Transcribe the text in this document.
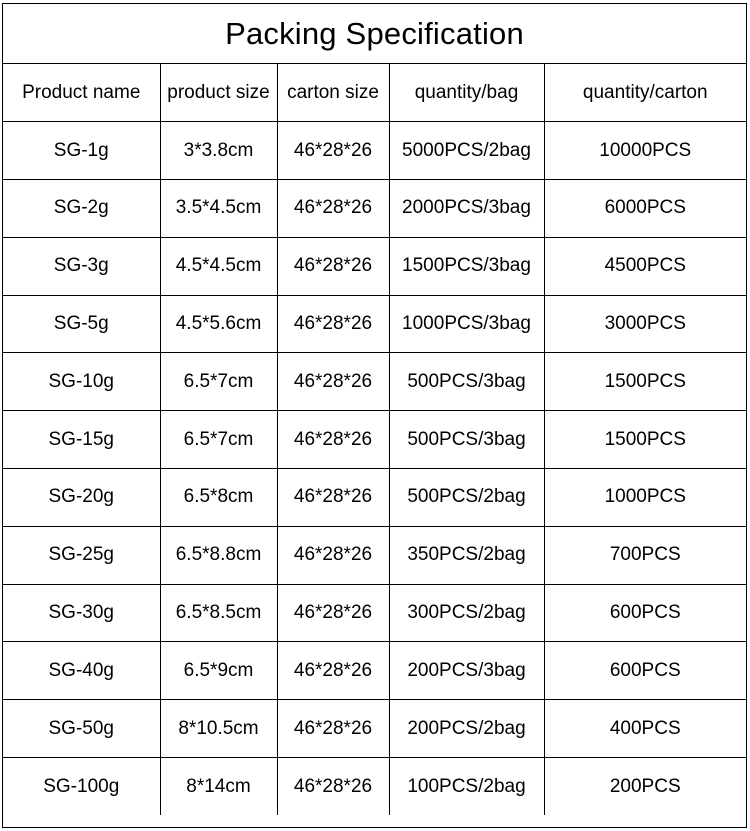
Packing Specification
Product name	product size	carton size	quantity/bag	quantity/carton
SG-1g	3*3.8cm	46*28*26	5000PCS/2bag	10000PCS
SG-2g	3.5*4.5cm	46*28*26	2000PCS/3bag	6000PCS
SG-3g	4.5*4.5cm	46*28*26	1500PCS/3bag	4500PCS
SG-5g	4.5*5.6cm	46*28*26	1000PCS/3bag	3000PCS
SG-10g	6.5*7cm	46*28*26	500PCS/3bag	1500PCS
SG-15g	6.5*7cm	46*28*26	500PCS/3bag	1500PCS
SG-20g	6.5*8cm	46*28*26	500PCS/2bag	1000PCS
SG-25g	6.5*8.8cm	46*28*26	350PCS/2bag	700PCS
SG-30g	6.5*8.5cm	46*28*26	300PCS/2bag	600PCS
SG-40g	6.5*9cm	46*28*26	200PCS/3bag	600PCS
SG-50g	8*10.5cm	46*28*26	200PCS/2bag	400PCS
SG-100g	8*14cm	46*28*26	100PCS/2bag	200PCS
